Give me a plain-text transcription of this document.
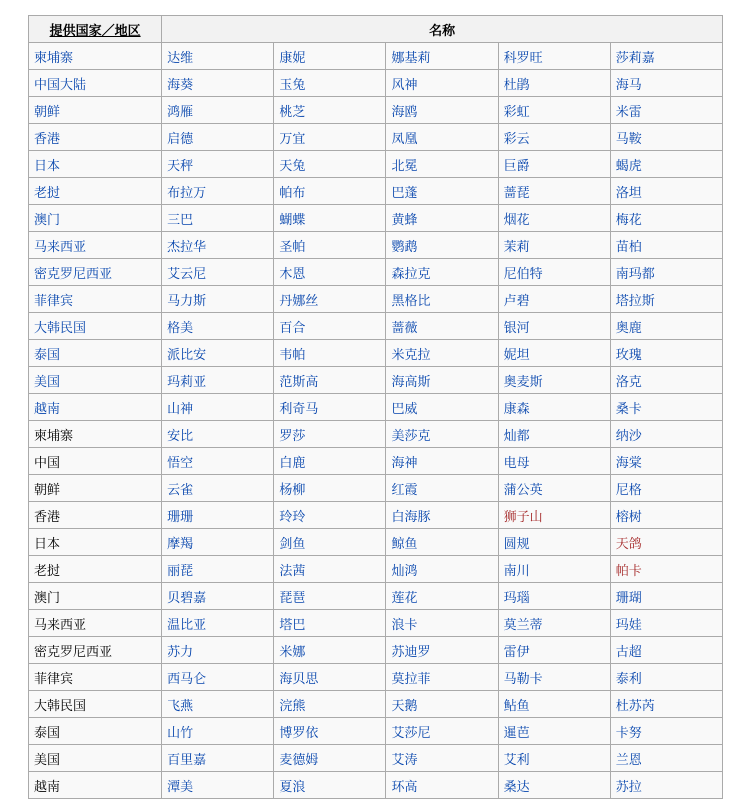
提供国家／地区	名称				
柬埔寨	达维	康妮	娜基莉	科罗旺	莎莉嘉
中国大陆	海葵	玉兔	风神	杜鹃	海马
朝鲜	鸿雁	桃芝	海鸥	彩虹	米雷
香港	启德	万宜	凤凰	彩云	马鞍
日本	天秤	天兔	北冕	巨爵	蝎虎
老挝	布拉万	帕布	巴蓬	蔷琵	洛坦
澳门	三巴	蝴蝶	黄蜂	烟花	梅花
马来西亚	杰拉华	圣帕	鹦鹉	茉莉	苗柏
密克罗尼西亚	艾云尼	木恩	森拉克	尼伯特	南玛都
菲律宾	马力斯	丹娜丝	黑格比	卢碧	塔拉斯
大韩民国	格美	百合	蔷薇	银河	奥鹿
泰国	派比安	韦帕	米克拉	妮坦	玫瑰
美国	玛莉亚	范斯高	海高斯	奥麦斯	洛克
越南	山神	利奇马	巴威	康森	桑卡
柬埔寨	安比	罗莎	美莎克	灿都	纳沙
中国	悟空	白鹿	海神	电母	海棠
朝鲜	云雀	杨柳	红霞	蒲公英	尼格
香港	珊珊	玲玲	白海豚	狮子山	榕树
日本	摩羯	剑鱼	鲸鱼	圆规	天鸽
老挝	丽琵	法茜	灿鸿	南川	帕卡
澳门	贝碧嘉	琵琶	莲花	玛瑙	珊瑚
马来西亚	温比亚	塔巴	浪卡	莫兰蒂	玛娃
密克罗尼西亚	苏力	米娜	苏迪罗	雷伊	古超
菲律宾	西马仑	海贝思	莫拉菲	马勒卡	泰利
大韩民国	飞燕	浣熊	天鹅	鲇鱼	杜苏芮
泰国	山竹	博罗依	艾莎尼	暹芭	卡努
美国	百里嘉	麦德姆	艾涛	艾利	兰恩
越南	潭美	夏浪	环高	桑达	苏拉
